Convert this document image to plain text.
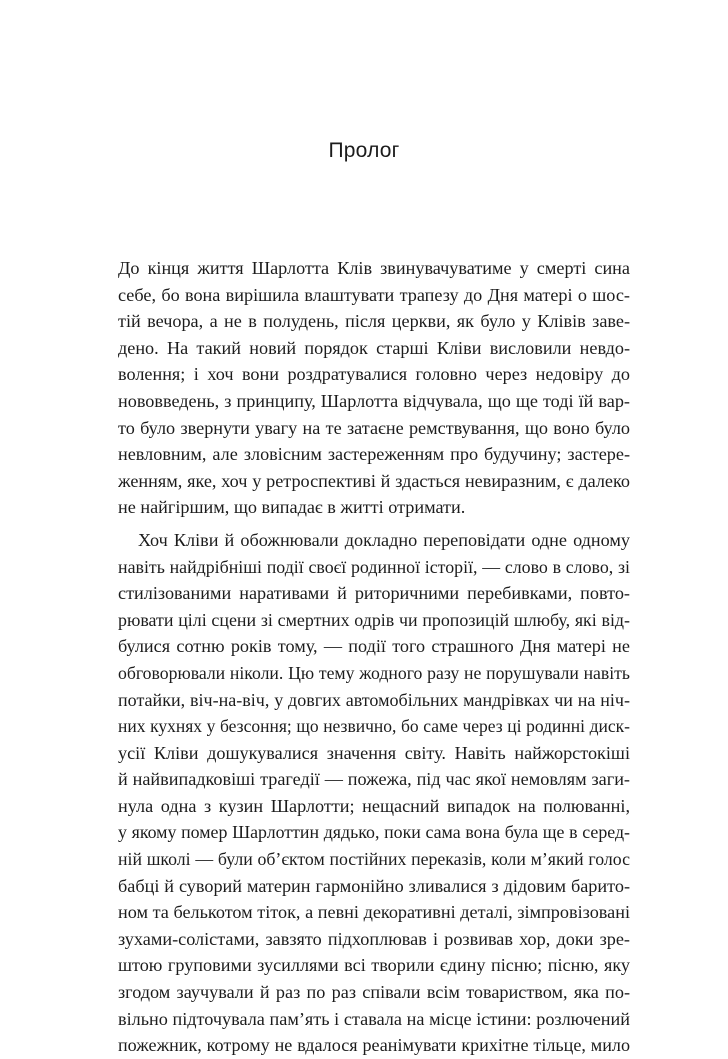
Пролог
До кінця життя Шарлотта Клів звинувачуватиме у смерті сина
себе, бо вона вирішила влаштувати трапезу до Дня матері о шос-
тій вечора, а не в полудень, після церкви, як було у Клівів заве-
дено. На такий новий порядок старші Кліви висловили невдо-
волення; і хоч вони роздратувалися головно через недовіру до
нововведень, з принципу, Шарлотта відчувала, що ще тоді їй вар-
то було звернути увагу на те затаєне ремствування, що воно було
невловним, але зловісним застереженням про будучину; застере-
женням, яке, хоч у ретроспективі й здасться невиразним, є далеко
не найгіршим, що випадає в житті отримати.
Хоч Кліви й обожнювали докладно переповідати одне одному
навіть найдрібніші події своєї родинної історії, — слово в слово, зі
стилізованими наративами й риторичними перебивками, повто-
рювати цілі сцени зі смертних одрів чи пропозицій шлюбу, які від-
булися сотню років тому, — події того страшного Дня матері не
обговорювали ніколи. Цю тему жодного разу не порушували навіть
потайки, віч-на-віч, у довгих автомобільних мандрівках чи на ніч-
них кухнях у безсоння; що незвично, бо саме через ці родинні диск-
усії Кліви дошукувалися значення світу. Навіть найжорстокіші
й найвипадковіші трагедії — пожежа, під час якої немовлям заги-
нула одна з кузин Шарлотти; нещасний випадок на полюванні,
у якому помер Шарлоттин дядько, поки сама вона була ще в серед-
ній школі — були об’єктом постійних переказів, коли м’який голос
бабці й суворий материн гармонійно зливалися з дідовим барито-
ном та белькотом тіток, а певні декоративні деталі, зімпровізовані
зухами-солістами, завзято підхоплював і розвивав хор, доки зре-
штою груповими зусиллями всі творили єдину пісню; пісню, яку
згодом заучували й раз по раз співали всім товариством, яка по-
вільно підточувала пам’ять і ставала на місце істини: розлючений
пожежник, котрому не вдалося реанімувати крихітне тільце, мило
